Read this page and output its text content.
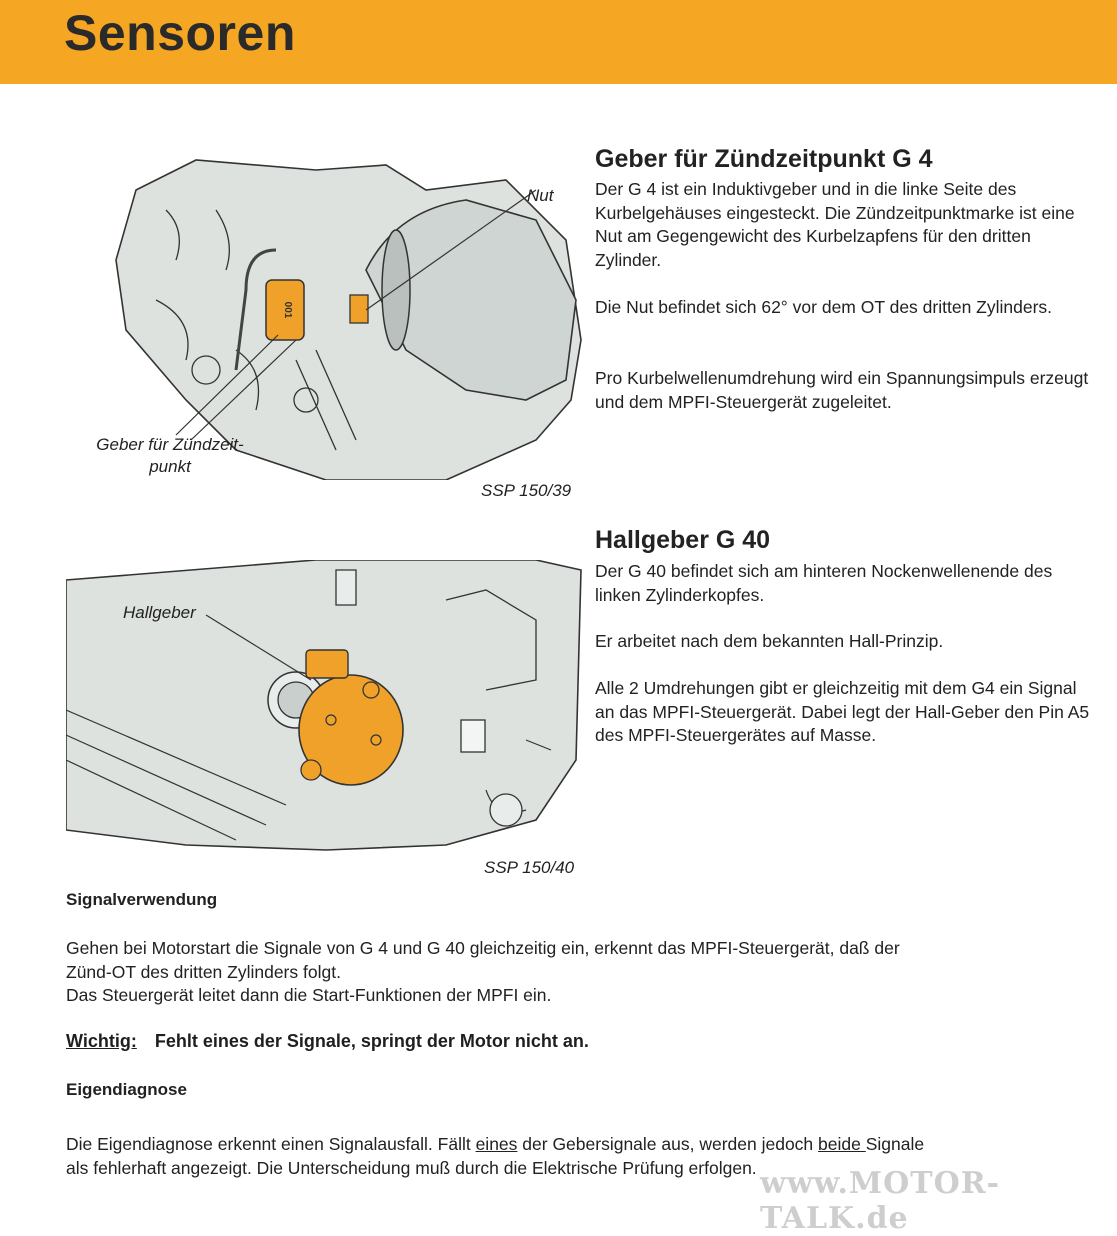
Sensoren
001
Nut
Geber für Zündzeit-
punkt
SSP 150/39
Hallgeber
SSP 150/40
Geber für Zündzeitpunkt G 4

Der G 4 ist ein Induktivgeber und in die linke Seite des Kurbelgehäuses eingesteckt. Die Zündzeitpunktmarke ist eine Nut am Gegengewicht des Kurbelzapfens für den dritten Zylinder.

Die Nut befindet sich 62° vor dem OT des dritten Zylinders.

Pro Kurbelwellenumdrehung wird ein Spannungsimpuls erzeugt und dem MPFI-Steuergerät zugeleitet.

Hallgeber G 40

Der G 40 befindet sich am hinteren Nockenwellenende des linken Zylinderkopfes.

Er arbeitet nach dem bekannten Hall-Prinzip.

Alle 2 Umdrehungen gibt er gleichzeitig mit dem G4 ein Signal an das MPFI-Steuergerät. Dabei legt der Hall-Geber den Pin A5 des MPFI-Steuergerätes auf Masse.

Signalverwendung
Gehen bei Motorstart die Signale von G 4 und G 40 gleichzeitig ein, erkennt das MPFI-Steuergerät, daß der
Zünd-OT des dritten Zylinders folgt.
Das Steuergerät leitet dann die Start-Funktionen der MPFI ein.
Wichtig: Fehlt eines der Signale, springt der Motor nicht an.
Eigendiagnose
Die Eigendiagnose erkennt einen Signalausfall. Fällt eines der Gebersignale aus, werden jedoch beide Signale
als fehlerhaft angezeigt. Die Unterscheidung muß durch die Elektrische Prüfung erfolgen. www.MOTOR-TALK.de
